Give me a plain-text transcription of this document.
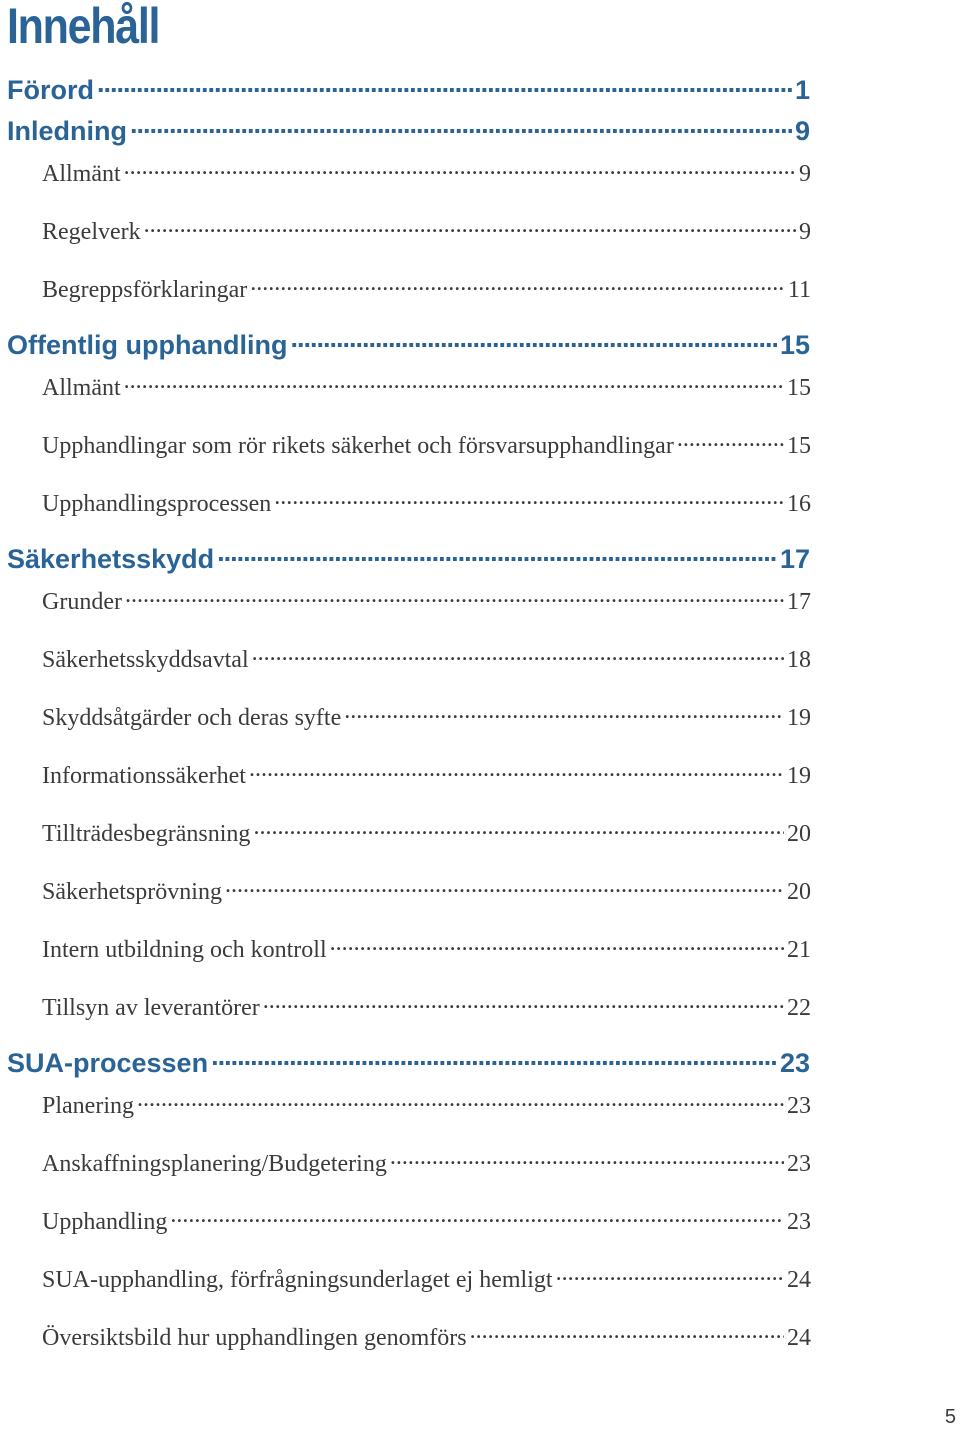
Innehåll
Förord .....	1
Inledning .....	9
Allmänt .....	9
Regelverk .....	9
Begreppsförklaringar .....	11
Offentlig upphandling .....	15
Allmänt .....	15
Upphandlingar som rör rikets säkerhet och försvarsupphandlingar .....	15
Upphandlingsprocessen .....	16
Säkerhetsskydd .....	17
Grunder .....	17
Säkerhetsskyddsavtal .....	18
Skyddsåtgärder och deras syfte .....	19
Informationssäkerhet .....	19
Tillträdesbegränsning .....	20
Säkerhetsprövning .....	20
Intern utbildning och kontroll .....	21
Tillsyn av leverantörer .....	22
SUA-processen .....	23
Planering .....	23
Anskaffningsplanering/Budgetering .....	23
Upphandling .....	23
SUA-upphandling, förfrågningsunderlaget ej hemligt .....	24
Översiktsbild hur upphandlingen genomförs .....	24
5
